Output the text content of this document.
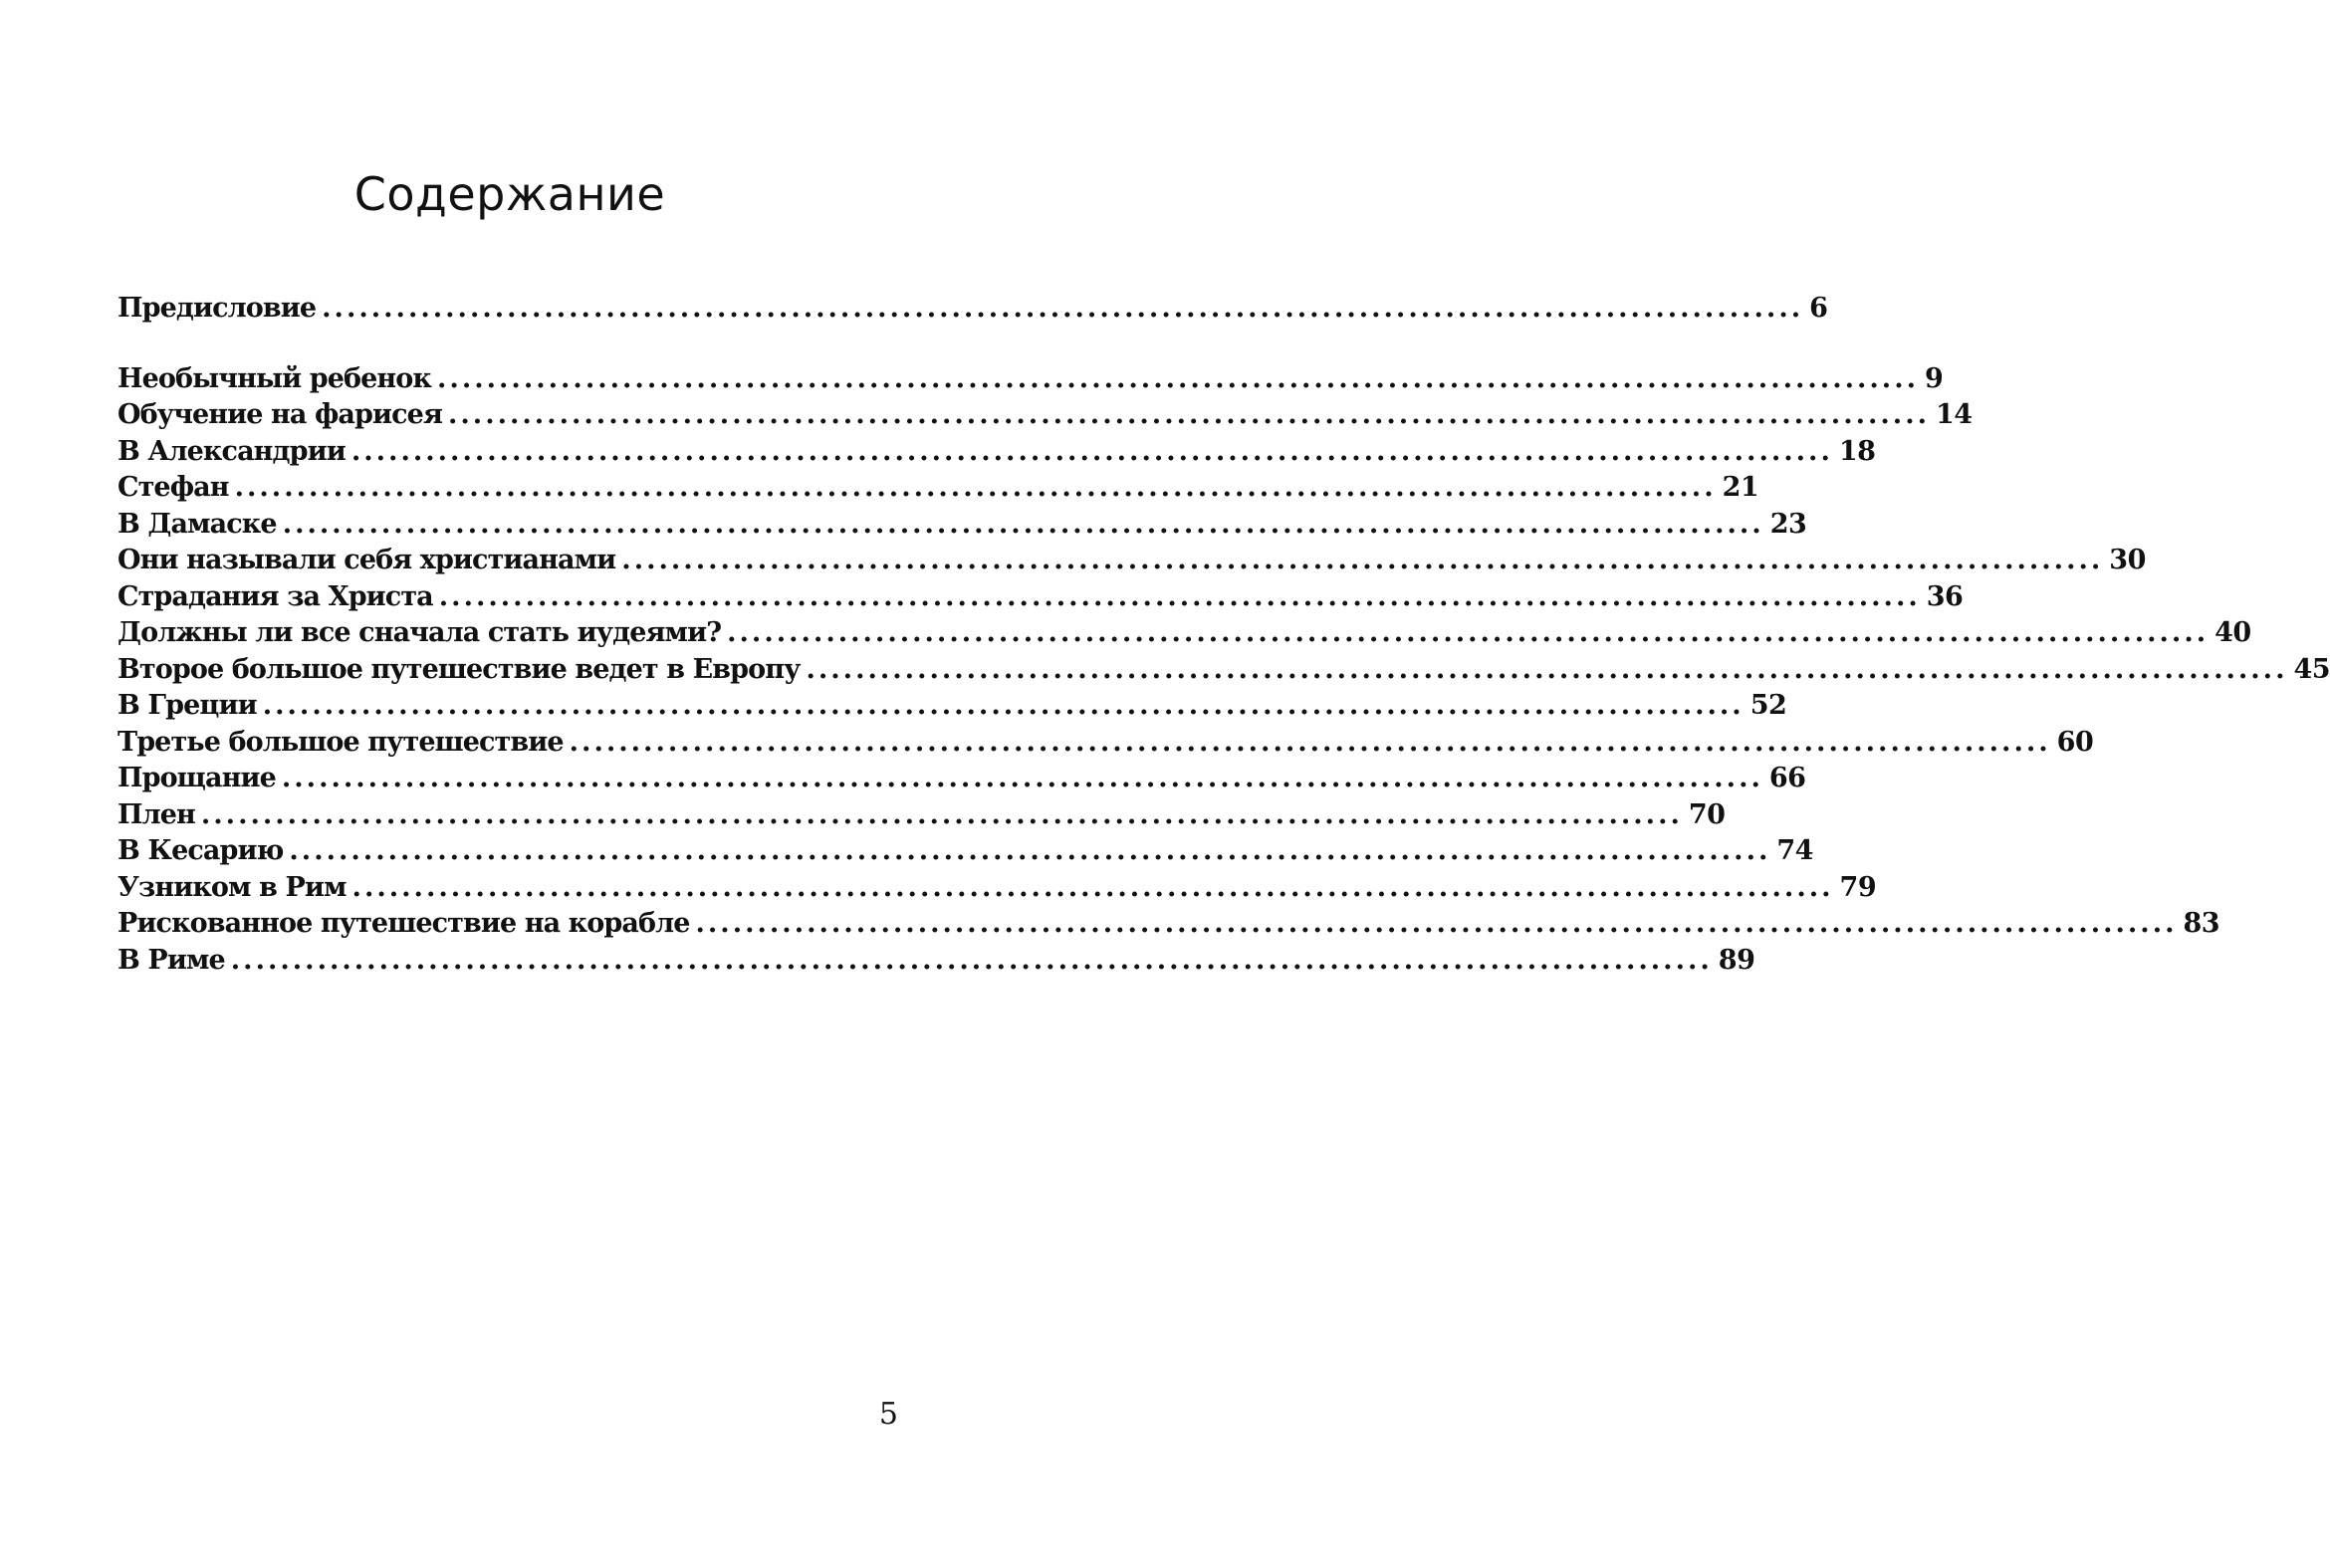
Содержание
Предисловие ........................................................................................................................ 6
Необычный ребенок ........................................................................................................................ 9
Обучение на фарисея ........................................................................................................................ 14
В Александрии ........................................................................................................................ 18
Стефан ........................................................................................................................ 21
В Дамаске ........................................................................................................................ 23
Они называли себя христианами ........................................................................................................................ 30
Страдания за Христа ........................................................................................................................ 36
Должны ли все сначала стать иудеями? ........................................................................................................................ 40
Второе большое путешествие ведет в Европу ........................................................................................................................ 45
В Греции ........................................................................................................................ 52
Третье большое путешествие ........................................................................................................................ 60
Прощание ........................................................................................................................ 66
Плен ........................................................................................................................ 70
В Кесарию ........................................................................................................................ 74
Узником в Рим ........................................................................................................................ 79
Рискованное путешествие на корабле ........................................................................................................................ 83
В Риме ........................................................................................................................ 89
5
